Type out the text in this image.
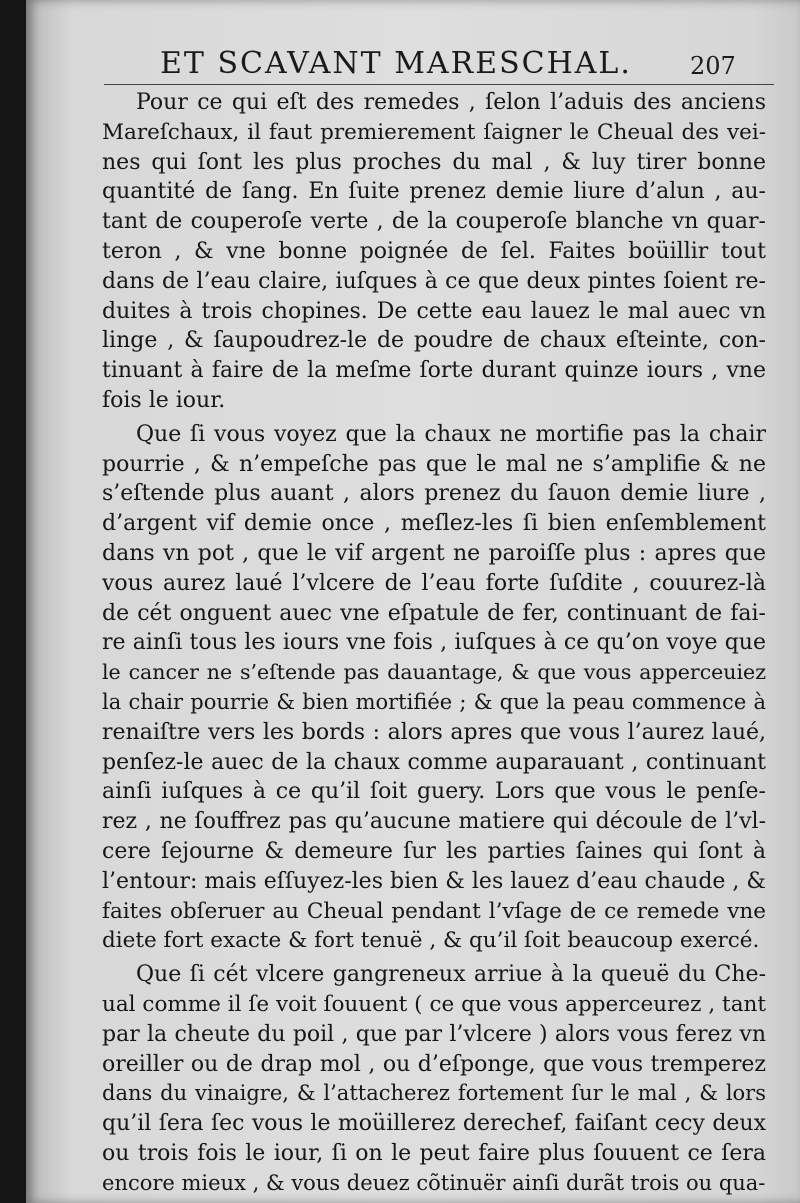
ET SCAVANT MARESCHAL. 207
Pour ce qui eſt des remedes , ſelon l’aduis des anciens
Mareſchaux, il faut premierement ſaigner le Cheual des vei-
nes qui ſont les plus proches du mal , & luy tirer bonne
quantité de ſang. En ſuite prenez demie liure d’alun , au-
tant de couperoſe verte , de la couperoſe blanche vn quar-
teron , & vne bonne poignée de ſel. Faites boüillir tout
dans de l’eau claire, iuſques à ce que deux pintes ſoient re-
duites à trois chopines. De cette eau lauez le mal auec vn
linge , & ſaupoudrez-le de poudre de chaux eſteinte, con-
tinuant à faire de la meſme ſorte durant quinze iours , vne
fois le iour.
Que ſi vous voyez que la chaux ne mortifie pas la chair
pourrie , & n’empeſche pas que le mal ne s’amplifie & ne
s’eſtende plus auant , alors prenez du ſauon demie liure ,
d’argent vif demie once , meſlez-les ſi bien enſemblement
dans vn pot , que le vif argent ne paroiſſe plus : apres que
vous aurez laué l’vlcere de l’eau forte ſuſdite , couurez-là
de cét onguent auec vne eſpatule de fer, continuant de fai-
re ainſi tous les iours vne fois , iuſques à ce qu’on voye que
le cancer ne s’eſtende pas dauantage, & que vous apperceuiez
la chair pourrie & bien mortifiée ; & que la peau commence à
renaiſtre vers les bords : alors apres que vous l’aurez laué,
penſez-le auec de la chaux comme auparauant , continuant
ainſi iuſques à ce qu’il ſoit guery. Lors que vous le penſe-
rez , ne ſouffrez pas qu’aucune matiere qui découle de l’vl-
cere ſejourne & demeure ſur les parties ſaines qui ſont à
l’entour: mais eſſuyez-les bien & les lauez d’eau chaude , &
faites obſeruer au Cheual pendant l’vſage de ce remede vne
diete fort exacte & fort tenuë , & qu’il ſoit beaucoup exercé.
Que ſi cét vlcere gangreneux arriue à la queuë du Che-
ual comme il ſe voit ſouuent ( ce que vous apperceurez , tant
par la cheute du poil , que par l’vlcere ) alors vous ferez vn
oreiller ou de drap mol , ou d’eſponge, que vous tremperez
dans du vinaigre, & l’attacherez fortement ſur le mal , & lors
qu’il ſera ſec vous le moüillerez derechef, faiſant cecy deux
ou trois fois le iour, ſi on le peut faire plus ſouuent ce ſera
encore mieux , & vous deuez cõtinuër ainſi durãt trois ou qua-
